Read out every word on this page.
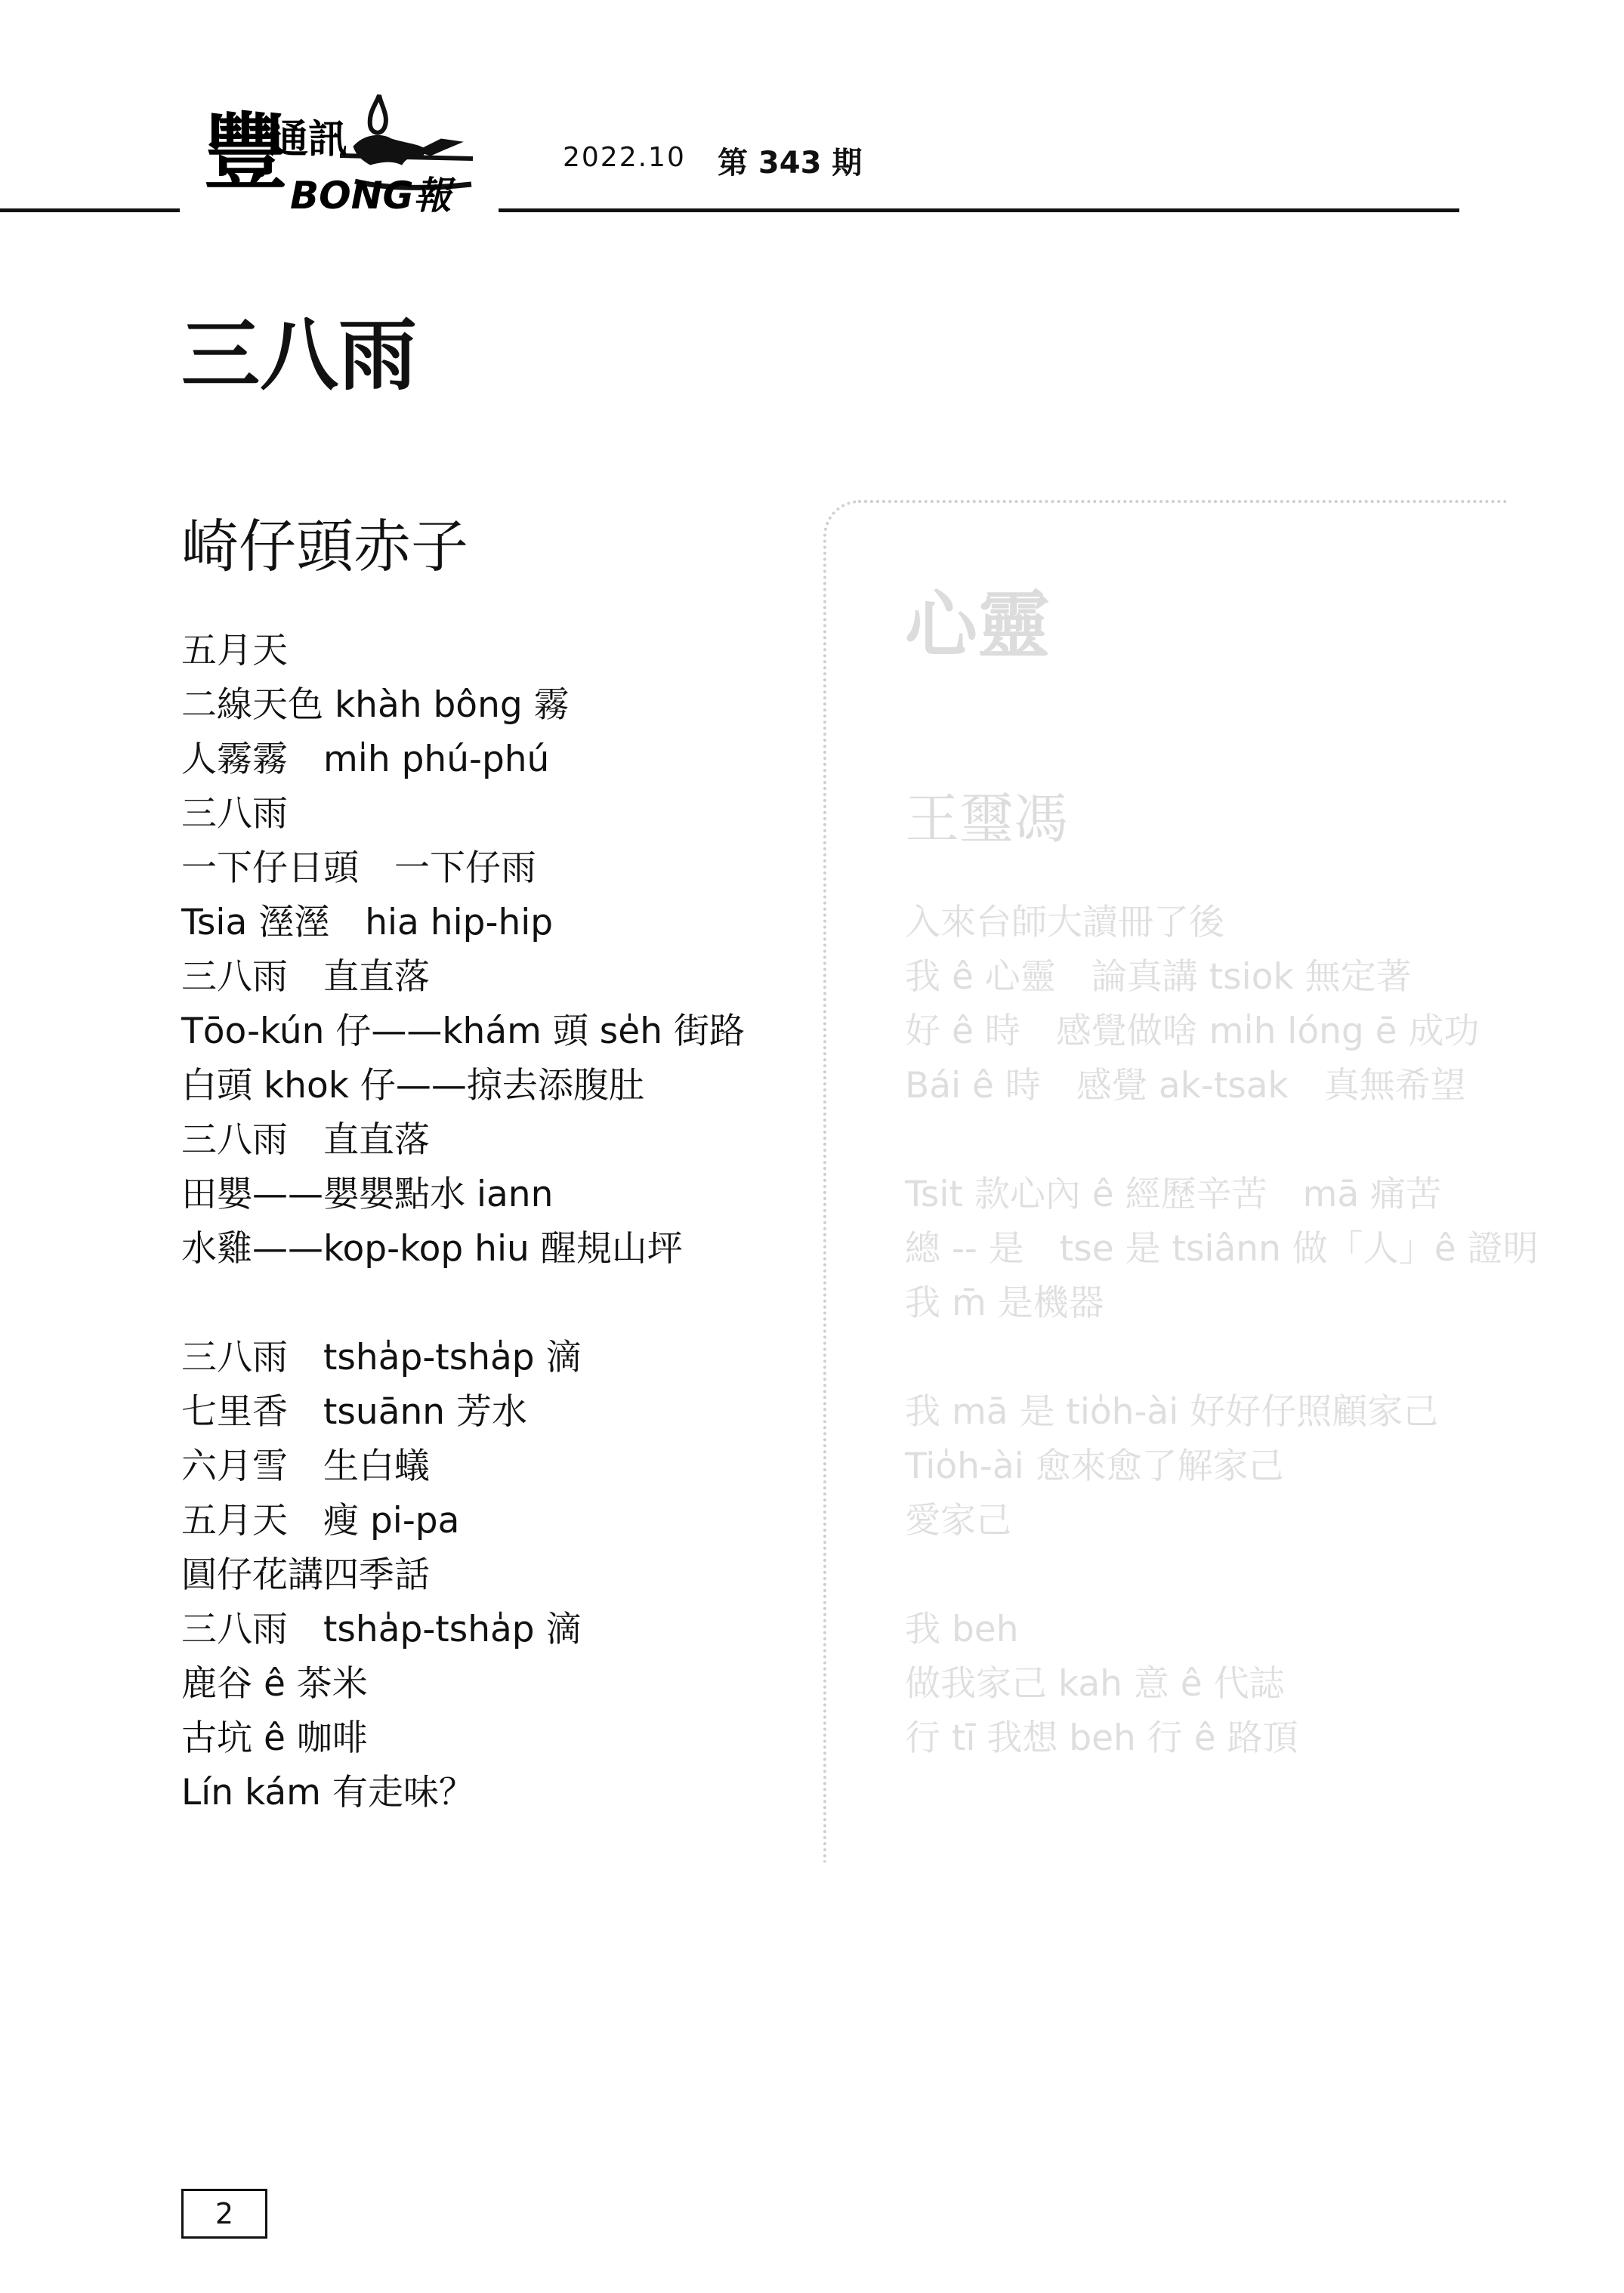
豐
通訊
BONG報
2022.10 第 343 期
三八雨
崎仔頭赤子
五月天
二線天色 khàh bông 霧
人霧霧　mi̍h phú-phú
三八雨
一下仔日頭　一下仔雨
Tsia 溼溼　hia hip-hip
三八雨　直直落
Tōo-kún 仔——khám 頭 se̍h 街路
白頭 khok 仔——掠去添腹肚
三八雨　直直落
田嬰——嬰嬰點水 iann
水雞——kop-kop hiu 醒規山坪
三八雨　tsha̍p-tsha̍p 滴
七里香　tsuānn 芳水
六月雪　生白蟻
五月天　瘦 pi-pa
圓仔花講四季話
三八雨　tsha̍p-tsha̍p 滴
鹿谷 ê 茶米
古坑 ê 咖啡
Lín kám 有走味？
心靈
王璽馮
入來台師大讀冊了後
我 ê 心靈　論真講 tsiok 無定著
好 ê 時　感覺做啥 mi̍h lóng ē 成功
Bái ê 時　感覺 ak-tsak　真無希望
Tsit 款心內 ê 經歷辛苦　mā 痛苦
總 -- 是　tse 是 tsiânn 做「人」ê 證明
我 m̄ 是機器
我 mā 是 tio̍h-ài 好好仔照顧家己
Tio̍h-ài 愈來愈了解家己
愛家己
我 beh
做我家己 kah 意 ê 代誌
行 tī 我想 beh 行 ê 路頂
2
